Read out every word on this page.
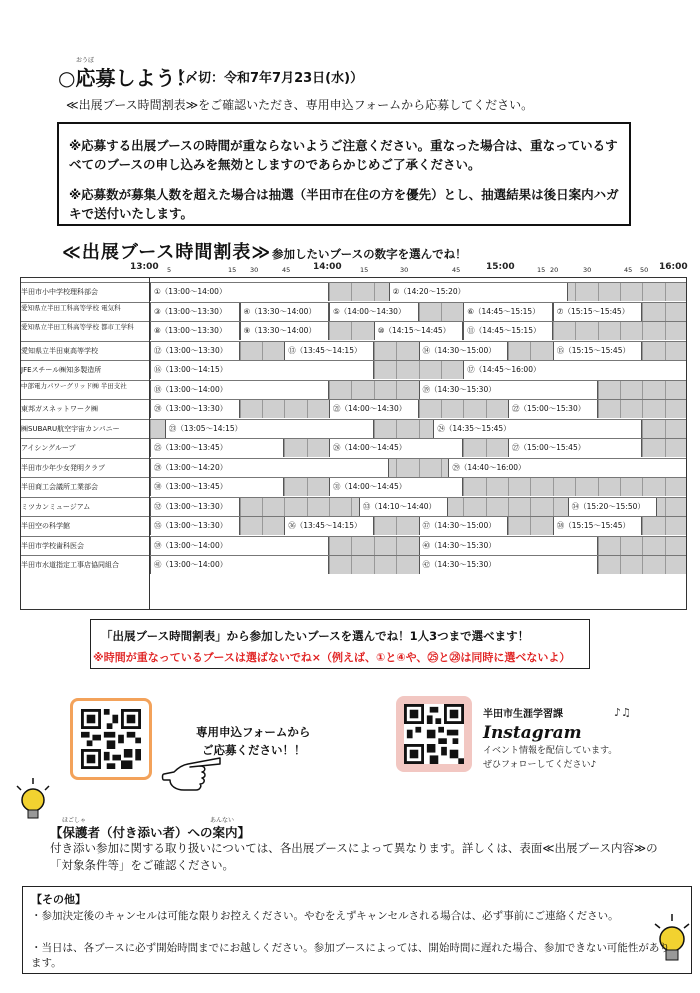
おうぼ
○応募しよう！
（〆切：令和7年7月23日(水)）
≪出展ブース時間割表≫をご確認いただき、専用申込フォームから応募してください。

※応募する出展ブースの時間が重ならないようご注意ください。重なった場合は、重なっているすべてのブースの申し込みを無効としますのであらかじめご了承ください。

※応募数が募集人数を超えた場合は抽選（半田市在住の方を優先）とし、抽選結果は後日案内ハガキで送付いたします。

≪出展ブース時間割表≫ 参加したいブースの数字を選んでね！
13:00 5	15 30	45	14:00	15	30	45	15:00	15 20	30	45 50 16:00
半田市小中学校理科部会	①（13:00～14:00）	②（14:20～15:20）
愛知県立半田工科高等学校 電気科	③（13:00～13:30）	④（13:30～14:00）	⑤（14:00～14:30）	⑥（14:45～15:15）	⑦（15:15～15:45）
愛知県立半田工科高等学校 都市工学科	⑧（13:00～13:30）	⑨（13:30～14:00）	⑩（14:15～14:45）	⑪（14:45～15:15）
愛知県立半田東高等学校	⑫（13:00～13:30）	⑬（13:45～14:15）	⑭（14:30～15:00）	⑮（15:15～15:45）
JFEスチール㈱知多製造所	⑯（13:00～14:15）	⑰（14:45～16:00）
中部電力パワーグリッド㈱ 半田支社	⑱（13:00～14:00）	⑲（14:30～15:30）
東邦ガスネットワーク㈱	⑳（13:00～13:30）	㉑（14:00～14:30）	㉒（15:00～15:30）
㈱SUBARU航空宇宙カンパニー	㉓（13:05～14:15）	㉔（14:35～15:45）
アイシングループ	㉕（13:00～13:45）	㉖（14:00～14:45）	㉗（15:00～15:45）
半田市少年少女発明クラブ	㉘（13:00～14:20）	㉙（14:40～16:00）
半田商工会議所工業部会	㉚（13:00～13:45）	㉛（14:00～14:45）
ミツカンミュージアム	㉜（13:00～13:30）	㉝（14:10～14:40）	㉞（15:20～15:50）
半田空の科学館	㉟（13:00～13:30）	㊱（13:45～14:15）	㊲（14:30～15:00）	㊳（15:15～15:45）
半田市学校歯科医会	㊴（13:00～14:00）	㊵（14:30～15:30）
半田市水道指定工事店協同組合	㊶（13:00～14:00）	㊷（14:30～15:30）
「出展ブース時間割表」から参加したいブースを選んでね！1人3つまで選べます！
※時間が重なっているブースは選ばないでね×（例えば、①と④や、㉕と㉘は同時に選べないよ）
専用申込フォームから
ご応募ください！！
半田市生涯学習課
Instagram
イベント情報を配信しています。
ぜひフォローしてください♪
♪♫
ほごしゃ	あんない
【保護者（付き添い者）への案内】
付き添い参加に関する取り扱いについては、各出展ブースによって異なります。詳しくは、表面≪出展ブース内容≫の「対象条件等」をご確認ください。
【その他】
・参加決定後のキャンセルは可能な限りお控えください。やむをえずキャンセルされる場合は、必ず事前にご連絡ください。
・当日は、各ブースに必ず開始時間までにお越しください。参加ブースによっては、開始時間に遅れた場合、参加できない可能性があります。
